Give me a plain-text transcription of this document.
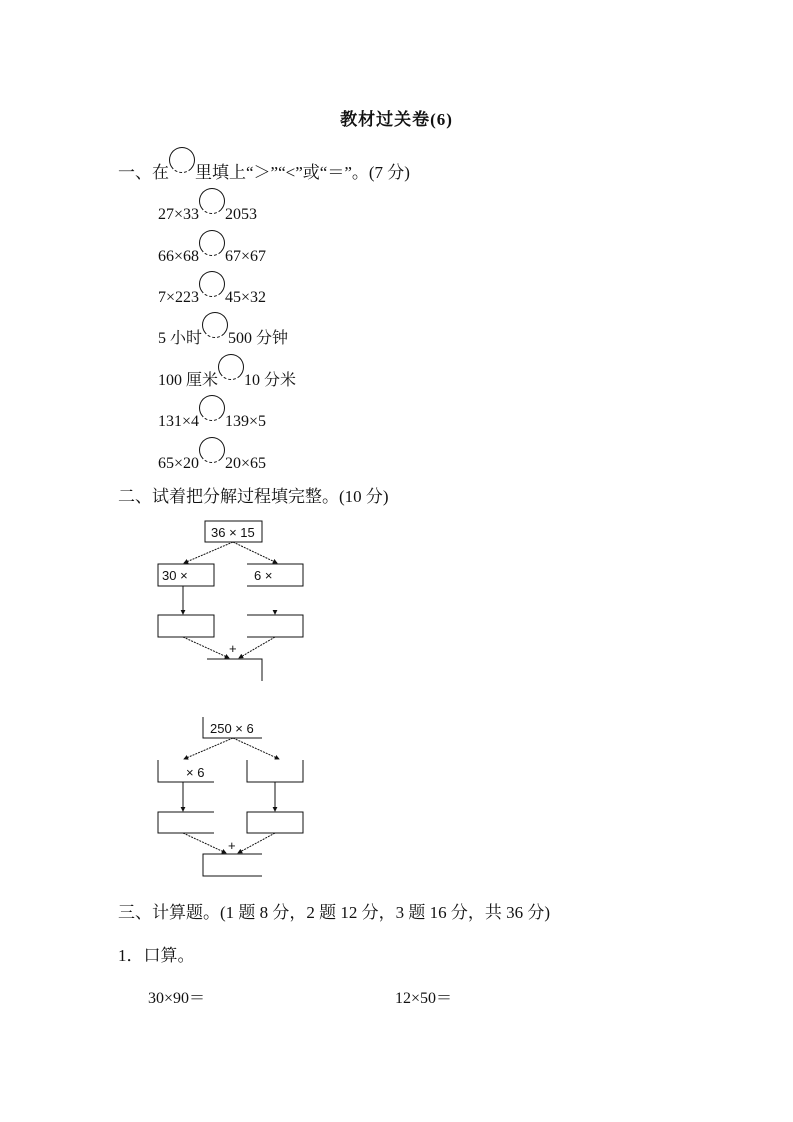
教材过关卷(6)
一、在 里填上“＞”“<”或“＝”。(7 分)
27×33 2053
66×68 67×67
7×223 45×32
5 小时 500 分钟
100 厘米 10 分米
131×4 139×5
65×20 20×65
二、试着把分解过程填完整。(10 分)
36 × 15
30 ×	6 ×
+
250 × 6
× 6
+
三、计算题。(1 题 8 分，2 题 12 分，3 题 16 分，共 36 分)
1．口算。
30×90＝	12×50＝
